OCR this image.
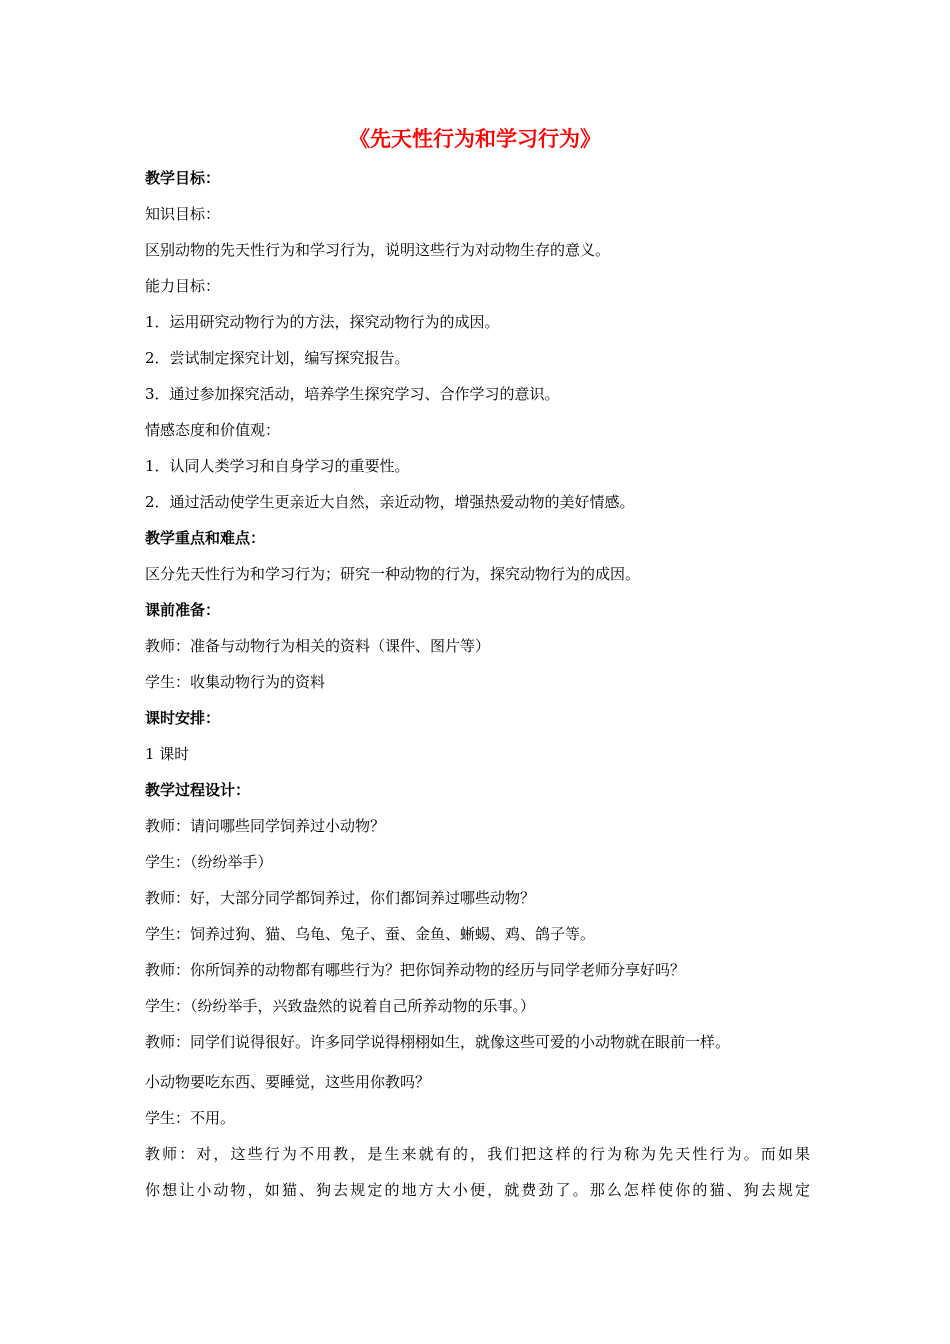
《先天性行为和学习行为》
教学目标：
知识目标：
区别动物的先天性行为和学习行为，说明这些行为对动物生存的意义。
能力目标：
1．运用研究动物行为的方法，探究动物行为的成因。
2．尝试制定探究计划，编写探究报告。
3．通过参加探究活动，培养学生探究学习、合作学习的意识。
情感态度和价值观：
1．认同人类学习和自身学习的重要性。
2．通过活动使学生更亲近大自然，亲近动物，增强热爱动物的美好情感。
教学重点和难点：
区分先天性行为和学习行为；研究一种动物的行为，探究动物行为的成因。
课前准备：
教师：准备与动物行为相关的资料（课件、图片等）
学生：收集动物行为的资料
课时安排：
1 课时
教学过程设计：
教师：请问哪些同学饲养过小动物？
学生：（纷纷举手）
教师：好，大部分同学都饲养过，你们都饲养过哪些动物？
学生：饲养过狗、猫、乌龟、兔子、蚕、金鱼、蜥蜴、鸡、鸽子等。
教师：你所饲养的动物都有哪些行为？把你饲养动物的经历与同学老师分享好吗？
学生：（纷纷举手，兴致盎然的说着自己所养动物的乐事。）
教师：同学们说得很好。许多同学说得栩栩如生，就像这些可爱的小动物就在眼前一样。
小动物要吃东西、要睡觉，这些用你教吗？
学生：不用。
教师：对，这些行为不用教，是生来就有的，我们把这样的行为称为先天性行为。而如果
你想让小动物，如猫、狗去规定的地方大小便，就费劲了。那么怎样使你的猫、狗去规定
